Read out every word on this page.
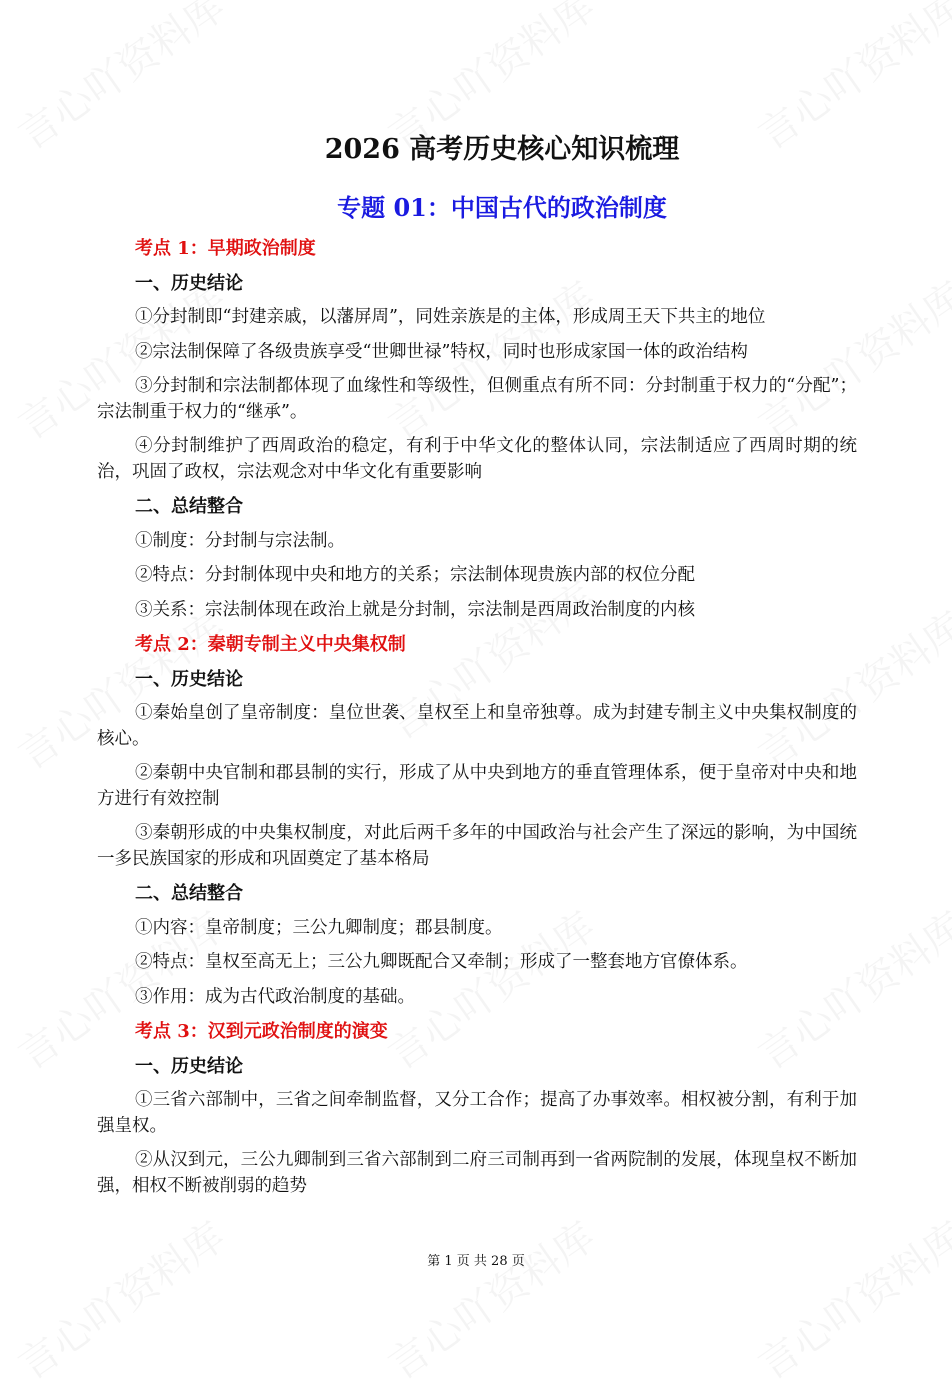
2026 高考历史核心知识梳理
专题 01：中国古代的政治制度
考点 1：早期政治制度
一、历史结论
①分封制即“封建亲戚，以藩屏周”，同姓亲族是的主体，形成周王天下共主的地位
②宗法制保障了各级贵族享受“世卿世禄”特权，同时也形成家国一体的政治结构
③分封制和宗法制都体现了血缘性和等级性，但侧重点有所不同：分封制重于权力的“分配”；宗法制重于权力的“继承”。
④分封制维护了西周政治的稳定，有利于中华文化的整体认同，宗法制适应了西周时期的统治，巩固了政权，宗法观念对中华文化有重要影响
二、总结整合
①制度：分封制与宗法制。
②特点：分封制体现中央和地方的关系；宗法制体现贵族内部的权位分配
③关系：宗法制体现在政治上就是分封制，宗法制是西周政治制度的内核
考点 2：秦朝专制主义中央集权制
一、历史结论
①秦始皇创了皇帝制度：皇位世袭、皇权至上和皇帝独尊。成为封建专制主义中央集权制度的核心。
②秦朝中央官制和郡县制的实行，形成了从中央到地方的垂直管理体系，便于皇帝对中央和地方进行有效控制
③秦朝形成的中央集权制度，对此后两千多年的中国政治与社会产生了深远的影响，为中国统一多民族国家的形成和巩固奠定了基本格局
二、总结整合
①内容：皇帝制度；三公九卿制度；郡县制度。
②特点：皇权至高无上；三公九卿既配合又牵制；形成了一整套地方官僚体系。
③作用：成为古代政治制度的基础。
考点 3：汉到元政治制度的演变
一、历史结论
①三省六部制中，三省之间牵制监督，又分工合作；提高了办事效率。相权被分割，有利于加强皇权。
②从汉到元，三公九卿制到三省六部制到二府三司制再到一省两院制的发展，体现皇权不断加强，相权不断被削弱的趋势
第 1 页 共 28 页
